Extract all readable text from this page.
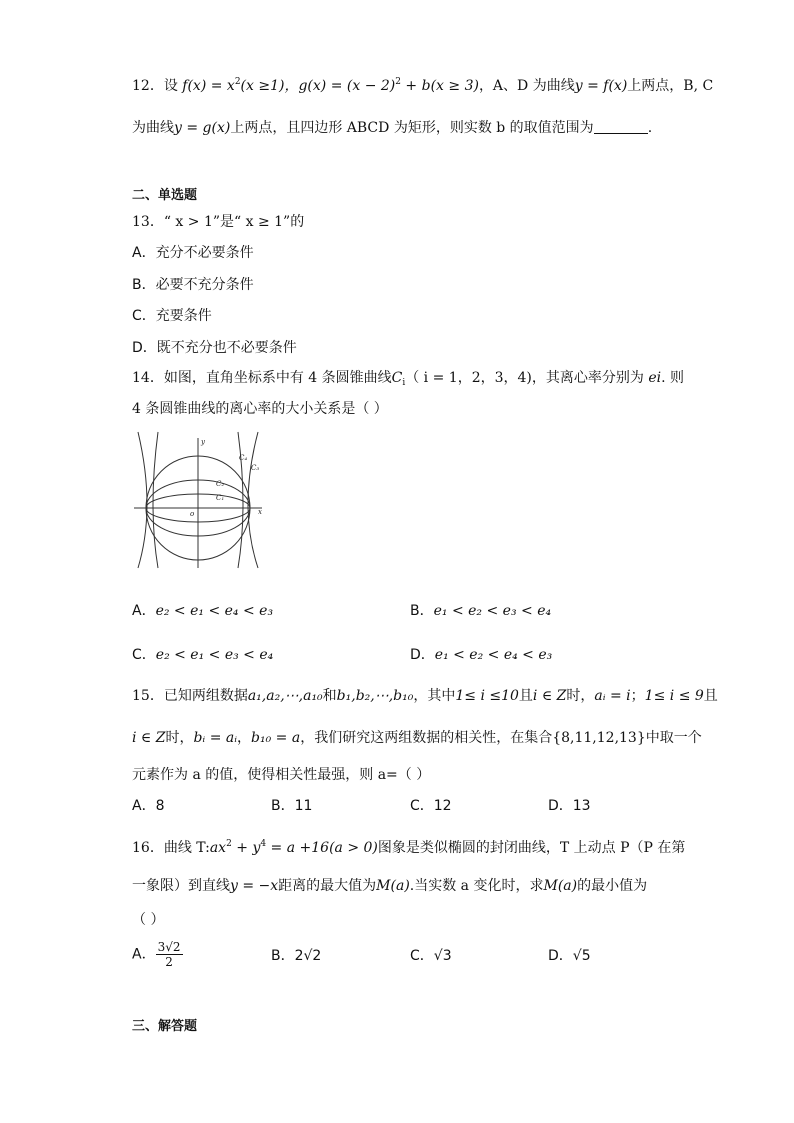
12．设 $f(x) = x^2(x \ge 1)$，$g(x) = (x - 2)^2 + b(x \ge 3)$，A、D 为曲线y = f(x)上两点，B, C
为曲线y = g(x)上两点，且四边形 ABCD 为矩形，则实数 b 的取值范围为	.
二、单选题
13．“ x > 1”是“ x ≥ 1”的
A．充分不必要条件
B．必要不充分条件
C．充要条件
D．既不充分也不必要条件
14．如图，直角坐标系中有 4 条圆锥曲线$C_i$（ i = 1，2，3，4)，其离心率分别为 ei. 则
4 条圆锥曲线的离心率的大小关系是（ ）
y
x
o
C₁
C₂
C₃
C₄
A．e₂ < e₁ < e₄ < e₃	B．e₁ < e₂ < e₃ < e₄
C．e₂ < e₁ < e₃ < e₄	D．e₁ < e₂ < e₄ < e₃
15．已知两组数据a₁,a₂,⋯,a₁₀和b₁,b₂,⋯,b₁₀，其中1≤ i ≤10且i ∈ Z时，aᵢ = i；1≤ i ≤ 9且
i ∈ Z时，bᵢ = aᵢ，b₁₀ = a，我们研究这两组数据的相关性，在集合{8,11,12,13}中取一个
元素作为 a 的值，使得相关性最强，则 a=（ ）
A．8	B．11	C．12	D．13
16．曲线 $T:ax^2 + y^4 = a +16(a > 0)$图象是类似椭圆的封闭曲线，T 上动点 P（P 在第
一象限）到直线y = −x距离的最大值为M(a).当实数 a 变化时，求M(a)的最小值为
（ ）
A． $\frac{3√2}{2}$	B．2√2	C．√3	D．√5
三、解答题
